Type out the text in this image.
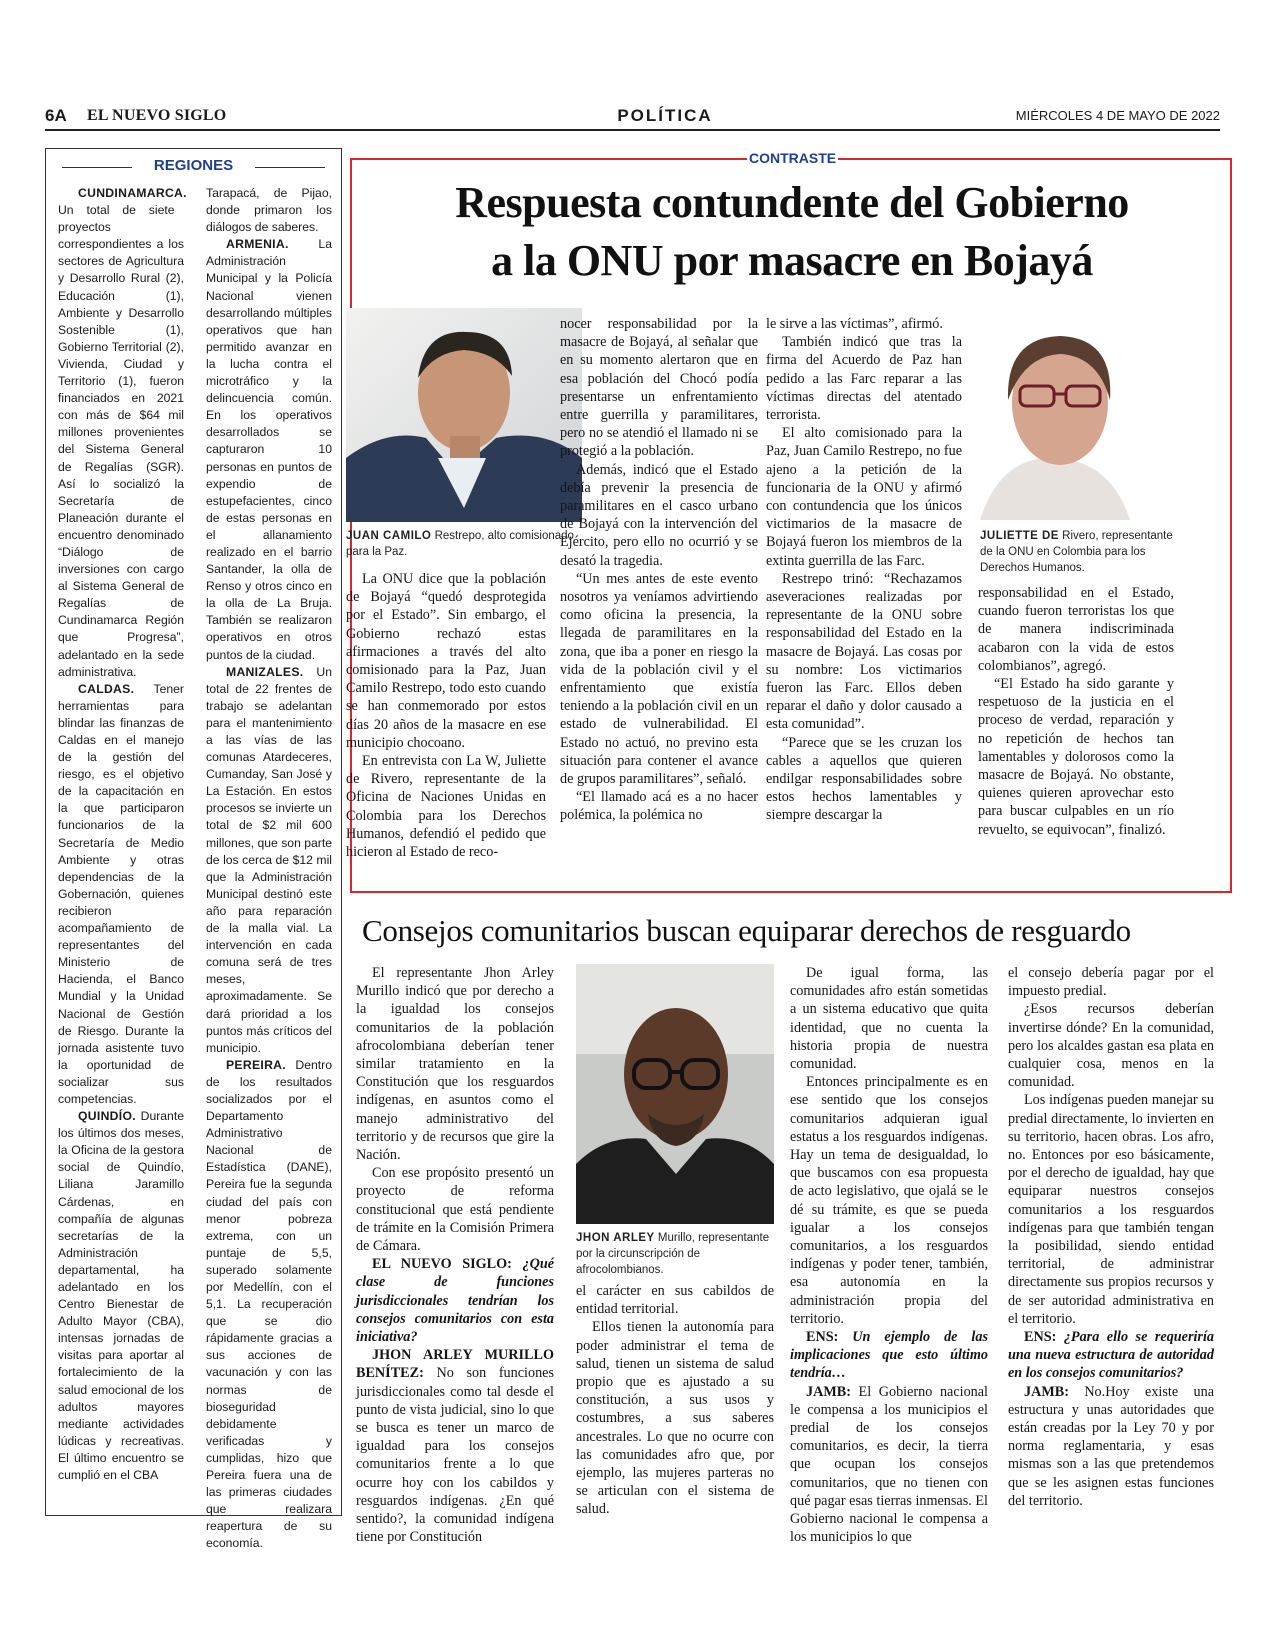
6A EL NUEVO SIGLO	POLÍTICA	MIÉRCOLES 4 DE MAYO DE 2022
REGIONES

CUNDINAMARCA. Un total de siete proyectos correspondientes a los sectores de Agricultura y Desarrollo Rural (2), Educación (1), Ambiente y Desarrollo Sostenible (1), Gobierno Territorial (2), Vivienda, Ciudad y Territorio (1), fueron financiados en 2021 con más de $64 mil millones provenientes del Sistema General de Regalías (SGR). Así lo socializó la Secretaría de Planeación durante el encuentro denominado “Diálogo de inversiones con cargo al Sistema General de Regalías de Cundinamarca Región que Progresa”, adelantado en la sede administrativa.

CALDAS. Tener herramientas para blindar las finanzas de Caldas en el manejo de la gestión del riesgo, es el objetivo de la capacitación en la que participaron funcionarios de la Secretaría de Medio Ambiente y otras dependencias de la Gobernación, quienes recibieron acompañamiento de representantes del Ministerio de Hacienda, el Banco Mundial y la Unidad Nacional de Gestión de Riesgo. Durante la jornada asistente tuvo la oportunidad de socializar sus competencias.

QUINDÍO. Durante los últimos dos meses, la Oficina de la gestora social de Quindío, Liliana Jaramillo Cárdenas, en compañía de algunas secretarías de la Administración departamental, ha adelantado en los Centro Bienestar de Adulto Mayor (CBA), intensas jornadas de visitas para aportar al fortalecimiento de la salud emocional de los adultos mayores mediante actividades lúdicas y recreativas. El último encuentro se cumplió en el CBA

Tarapacá, de Pijao, donde primaron los diálogos de saberes.

ARMENIA. La Administración Municipal y la Policía Nacional vienen desarrollando múltiples operativos que han permitido avanzar en la lucha contra el microtráfico y la delincuencia común. En los operativos desarrollados se capturaron 10 personas en puntos de expendio de estupefacientes, cinco de estas personas en el allanamiento realizado en el barrio Santander, la olla de Renso y otros cinco en la olla de La Bruja. También se realizaron operativos en otros puntos de la ciudad.

MANIZALES. Un total de 22 frentes de trabajo se adelantan para el mantenimiento a las vías de las comunas Atardeceres, Cumanday, San José y La Estación. En estos procesos se invierte un total de $2 mil 600 millones, que son parte de los cerca de $12 mil que la Administración Municipal destinó este año para reparación de la malla vial. La intervención en cada comuna será de tres meses, aproximadamente. Se dará prioridad a los puntos más críticos del municipio.

PEREIRA. Dentro de los resultados socializados por el Departamento Administrativo Nacional de Estadística (DANE), Pereira fue la segunda ciudad del país con menor pobreza extrema, con un puntaje de 5,5, superado solamente por Medellín, con el 5,1. La recuperación que se dio rápidamente gracias a sus acciones de vacunación y con las normas de bioseguridad debidamente verificadas y cumplidas, hizo que Pereira fuera una de las primeras ciudades que realizara reapertura de su economía.

CONTRASTE
Respuesta contundente del Gobierno
a la ONU por masacre en Bojayá
JUAN CAMILO Restrepo, alto comisionado para la Paz.
JULIETTE DE Rivero, representante de la ONU en Colombia para los Derechos Humanos.

La ONU dice que la población de Bojayá “quedó desprotegida por el Estado”. Sin embargo, el Gobierno rechazó estas afirmaciones a través del alto comisionado para la Paz, Juan Camilo Restrepo, todo esto cuando se han conmemorado por estos días 20 años de la masacre en ese municipio chocoano.

En entrevista con La W, Juliette de Rivero, representante de la Oficina de Naciones Unidas en Colombia para los Derechos Humanos, defendió el pedido que hicieron al Estado de reco-

nocer responsabilidad por la masacre de Bojayá, al señalar que en su momento alertaron que en esa población del Chocó podía presentarse un enfrentamiento entre guerrilla y paramilitares, pero no se atendió el llamado ni se protegió a la población.

Además, indicó que el Estado debía prevenir la presencia de paramilitares en el casco urbano de Bojayá con la intervención del Ejército, pero ello no ocurrió y se desató la tragedia.

“Un mes antes de este evento nosotros ya veníamos advirtiendo como oficina la presencia, la llegada de paramilitares en la zona, que iba a poner en riesgo la vida de la población civil y el enfrentamiento que existía teniendo a la población civil en un estado de vulnerabilidad. El Estado no actuó, no previno esta situación para contener el avance de grupos paramilitares”, señaló.

“El llamado acá es a no hacer polémica, la polémica no

le sirve a las víctimas”, afirmó.

También indicó que tras la firma del Acuerdo de Paz han pedido a las Farc reparar a las víctimas directas del atentado terrorista.

El alto comisionado para la Paz, Juan Camilo Restrepo, no fue ajeno a la petición de la funcionaria de la ONU y afirmó con contundencia que los únicos victimarios de la masacre de Bojayá fueron los miembros de la extinta guerrilla de las Farc.

Restrepo trinó: “Rechazamos aseveraciones realizadas por representante de la ONU sobre responsabilidad del Estado en la masacre de Bojayá. Las cosas por su nombre: Los victimarios fueron las Farc. Ellos deben reparar el daño y dolor causado a esta comunidad”.

“Parece que se les cruzan los cables a aquellos que quieren endilgar responsabilidades sobre estos hechos lamentables y siempre descargar la

responsabilidad en el Estado, cuando fueron terroristas los que de manera indiscriminada acabaron con la vida de estos colombianos”, agregó.

“El Estado ha sido garante y respetuoso de la justicia en el proceso de verdad, reparación y no repetición de hechos tan lamentables y dolorosos como la masacre de Bojayá. No obstante, quienes quieren aprovechar esto para buscar culpables en un río revuelto, se equivocan”, finalizó.

Consejos comunitarios buscan equiparar derechos de resguardo

El representante Jhon Arley Murillo indicó que por derecho a la igualdad los consejos comunitarios de la población afrocolombiana deberían tener similar tratamiento en la Constitución que los resguardos indígenas, en asuntos como el manejo administrativo del territorio y de recursos que gire la Nación.

Con ese propósito presentó un proyecto de reforma constitucional que está pendiente de trámite en la Comisión Primera de Cámara.

EL NUEVO SIGLO: ¿Qué clase de funciones jurisdiccionales tendrían los consejos comunitarios con esta iniciativa?

JHON ARLEY MURILLO BENÍTEZ: No son funciones jurisdiccionales como tal desde el punto de vista judicial, sino lo que se busca es tener un marco de igualdad para los consejos comunitarios frente a lo que ocurre hoy con los cabildos y resguardos indígenas. ¿En qué sentido?, la comunidad indígena tiene por Constitución

JHON ARLEY Murillo, representante por la circunscripción de afrocolombianos.

el carácter en sus cabildos de entidad territorial.

Ellos tienen la autonomía para poder administrar el tema de salud, tienen un sistema de salud propio que es ajustado a su constitución, a sus usos y costumbres, a sus saberes ancestrales. Lo que no ocurre con las comunidades afro que, por ejemplo, las mujeres parteras no se articulan con el sistema de salud.

De igual forma, las comunidades afro están sometidas a un sistema educativo que quita identidad, que no cuenta la historia propia de nuestra comunidad.

Entonces principalmente es en ese sentido que los consejos comunitarios adquieran igual estatus a los resguardos indígenas. Hay un tema de desigualdad, lo que buscamos con esa propuesta de acto legislativo, que ojalá se le dé su trámite, es que se pueda igualar a los consejos comunitarios, a los resguardos indígenas y poder tener, también, esa autonomía en la administración propia del territorio.

ENS: Un ejemplo de las implicaciones que esto último tendría…

JAMB: El Gobierno nacional le compensa a los municipios el predial de los consejos comunitarios, es decir, la tierra que ocupan los consejos comunitarios, que no tienen con qué pagar esas tierras inmensas. El Gobierno nacional le compensa a los municipios lo que

el consejo debería pagar por el impuesto predial.

¿Esos recursos deberían invertirse dónde? En la comunidad, pero los alcaldes gastan esa plata en cualquier cosa, menos en la comunidad.

Los indígenas pueden manejar su predial directamente, lo invierten en su territorio, hacen obras. Los afro, no. Entonces por eso básicamente, por el derecho de igualdad, hay que equiparar nuestros consejos comunitarios a los resguardos indígenas para que también tengan la posibilidad, siendo entidad territorial, de administrar directamente sus propios recursos y de ser autoridad administrativa en el territorio.

ENS: ¿Para ello se requeriría una nueva estructura de autoridad en los consejos comunitarios?

JAMB: No.Hoy existe una estructura y unas autoridades que están creadas por la Ley 70 y por norma reglamentaria, y esas mismas son a las que pretendemos que se les asignen estas funciones del territorio.
